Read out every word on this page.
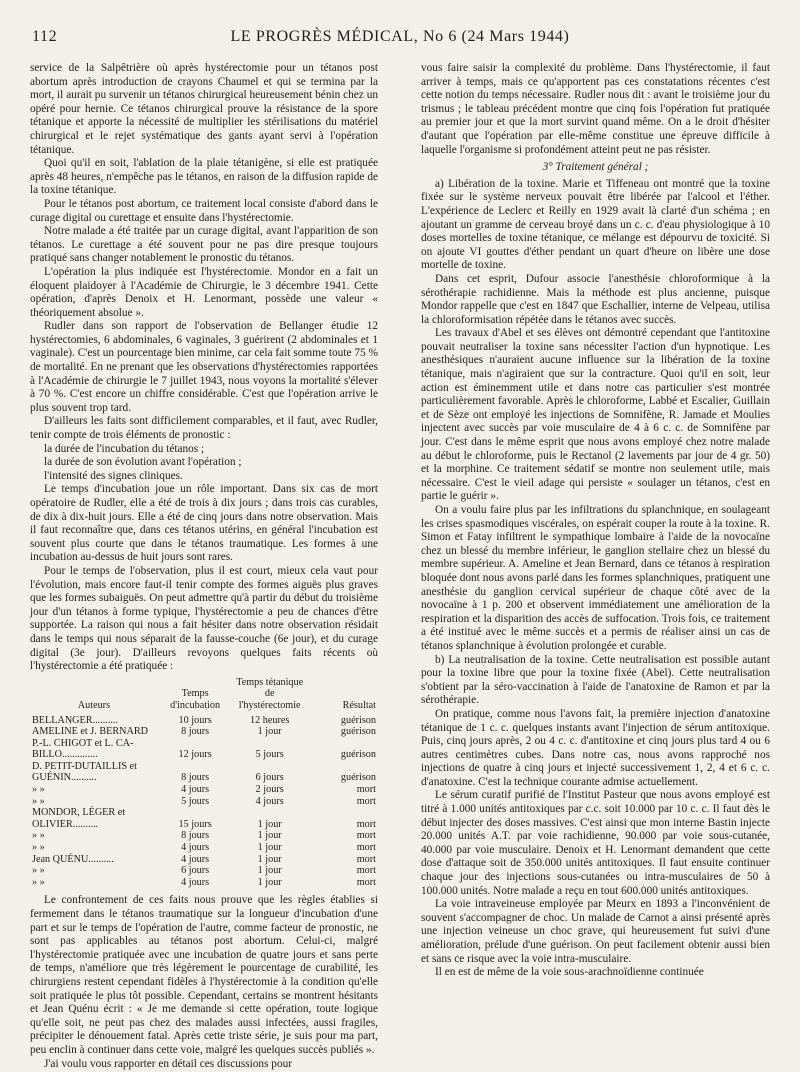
112	LE PROGRÈS MÉDICAL, No 6 (24 Mars 1944)

service de la Salpêtrière où après hystérectomie pour un tétanos post abortum après introduction de crayons Chaumel et qui se termina par la mort, il aurait pu survenir un tétanos chirurgical heureusement bénin chez un opéré pour hernie. Ce tétanos chirurgical prouve la résistance de la spore tétanique et apporte la nécessité de multiplier les stérilisations du matériel chirurgical et le rejet systématique des gants ayant servi à l'opération tétanique.

Quoi qu'il en soit, l'ablation de la plaie tétanigène, si elle est pratiquée après 48 heures, n'empêche pas le tétanos, en raison de la diffusion rapide de la toxine tétanique.

Pour le tétanos post abortum, ce traitement local consiste d'abord dans le curage digital ou curettage et ensuite dans l'hystérectomie.

Notre malade a été traitée par un curage digital, avant l'apparition de son tétanos. Le curettage a été souvent pour ne pas dire presque toujours pratiqué sans changer notablement le pronostic du tétanos.

L'opération la plus indiquée est l'hystérectomie. Mondor en a fait un éloquent plaidoyer à l'Académie de Chirurgie, le 3 décembre 1941. Cette opération, d'après Denoix et H. Lenormant, possède une valeur « théoriquement absolue ».

Rudler dans son rapport de l'observation de Bellanger étudie 12 hystérectomies, 6 abdominales, 6 vaginales, 3 guérirent (2 abdominales et 1 vaginale). C'est un pourcentage bien minime, car cela fait somme toute 75 % de mortalité. En ne prenant que les observations d'hystérectomies rapportées à l'Académie de chirurgie le 7 juillet 1943, nous voyons la mortalité s'élever à 70 %. C'est encore un chiffre considérable. C'est que l'opération arrive le plus souvent trop tard.

D'ailleurs les faits sont difficilement comparables, et il faut, avec Rudler, tenir compte de trois éléments de pronostic :

la durée de l'incubation du tétanos ;

la durée de son évolution avant l'opération ;

l'intensité des signes cliniques.

Le temps d'incubation joue un rôle important. Dans six cas de mort opératoire de Rudler, elle a été de trois à dix jours ; dans trois cas curables, de dix à dix-huit jours. Elle a été de cinq jours dans notre observation. Mais il faut reconnaître que, dans ces tétanos utérins, en général l'incubation est souvent plus courte que dans le tétanos traumatique. Les formes à une incubation au-dessus de huit jours sont rares.

Pour le temps de l'observation, plus il est court, mieux cela vaut pour l'évolution, mais encore faut-il tenir compte des formes aiguës plus graves que les formes subaiguës. On peut admettre qu'à partir du début du troisième jour d'un tétanos à forme typique, l'hystérectomie a peu de chances d'être supportée. La raison qui nous a fait hésiter dans notre observation résidait dans le temps qui nous séparait de la fausse-couche (6e jour), et du curage digital (3e jour). D'ailleurs revoyons quelques faits récents où l'hystérectomie a été pratiquée :

Auteurs	Temps d'incubation	Temps tétanique de l'hystérectomie	Résultat
BELLANGER..........	10 jours	12 heures	guérison
AMELINE et J. BERNARD	8 jours	1 jour	guérison
P.-L. CHIGOT et L. CA-			
BILLO..............	12 jours	5 jours	guérison
D. PETIT-DUTAILLIS et			
GUÉNIN..........	8 jours	6 jours	guérison
» »	4 jours	2 jours	mort
» »	5 jours	4 jours	mort
MONDOR, LÉGER et			
OLIVIER..........	15 jours	1 jour	mort
» »	8 jours	1 jour	mort
» »	4 jours	1 jour	mort
Jean QUÉNU..........	4 jours	1 jour	mort
» »	6 jours	1 jour	mort
» »	4 jours	1 jour	mort

Le confrontement de ces faits nous prouve que les règles établies si fermement dans le tétanos traumatique sur la longueur d'incubation d'une part et sur le temps de l'opération de l'autre, comme facteur de pronostic, ne sont pas applicables au tétanos post abortum. Celui-ci, malgré l'hystérectomie pratiquée avec une incubation de quatre jours et sans perte de temps, n'améliore que très légèrement le pourcentage de curabilité, les chirurgiens restent cependant fidèles à l'hystérectomie à la condition qu'elle soit pratiquée le plus tôt possible. Cependant, certains se montrent hésitants et Jean Quénu écrit : « Je me demande si cette opération, toute logique qu'elle soit, ne peut pas chez des malades aussi infectées, aussi fragiles, précipiter le dénouement fatal. Après cette triste série, je suis pour ma part, peu enclin à continuer dans cette voie, malgré les quelques succès publiés ».

J'ai voulu vous rapporter en détail ces discussions pour

vous faire saisir la complexité du problème. Dans l'hystérectomie, il faut arriver à temps, mais ce qu'apportent pas ces constatations récentes c'est cette notion du temps nécessaire. Rudler nous dit : avant le troisième jour du trismus ; le tableau précédent montre que cinq fois l'opération fut pratiquée au premier jour et que la mort survint quand même. On a le droit d'hésiter d'autant que l'opération par elle-même constitue une épreuve difficile à laquelle l'organisme si profondément atteint peut ne pas résister.

3° Traitement général ;

a) Libération de la toxine. Marie et Tiffeneau ont montré que la toxine fixée sur le système nerveux pouvait être libérée par l'alcool et l'éther. L'expérience de Leclerc et Reilly en 1929 avait là clarté d'un schéma ; en ajoutant un gramme de cerveau broyé dans un c. c. d'eau physiologique à 10 doses mortelles de toxine tétanique, ce mélange est dépourvu de toxicité. Si on ajoute VI gouttes d'éther pendant un quart d'heure on libère une dose mortelle de toxine.

Dans cet esprit, Dufour associe l'anesthésie chloroformique à la sérothérapie rachidienne. Mais la méthode est plus ancienne, puisque Mondor rappelle que c'est en 1847 que Eschallier, interne de Velpeau, utilisa la chloroformisation répétée dans le tétanos avec succès.

Les travaux d'Abel et ses élèves ont démontré cependant que l'antitoxine pouvait neutraliser la toxine sans nécessiter l'action d'un hypnotique. Les anesthésiques n'auraient aucune influence sur la libération de la toxine tétanique, mais n'agiraient que sur la contracture. Quoi qu'il en soit, leur action est éminemment utile et dans notre cas particulier s'est montrée particulièrement favorable. Après le chloroforme, Labbé et Escalier, Guillain et de Sèze ont employé les injections de Somnifène, R. Jamade et Moulies injectent avec succès par voie musculaire de 4 à 6 c. c. de Somnifène par jour. C'est dans le même esprit que nous avons employé chez notre malade au début le chloroforme, puis le Rectanol (2 lavements par jour de 4 gr. 50) et la morphine. Ce traitement sédatif se montre non seulement utile, mais nécessaire. C'est le vieil adage qui persiste « soulager un tétanos, c'est en partie le guérir ».

On a voulu faire plus par les infiltrations du splanchnique, en soulageant les crises spasmodiques viscérales, on espérait couper la route à la toxine. R. Simon et Fatay infiltrent le sympathique lombaire à l'aide de la novocaïne chez un blessé du membre inférieur, le ganglion stellaire chez un blessé du membre supérieur. A. Ameline et Jean Bernard, dans ce tétanos à respiration bloquée dont nous avons parlé dans les formes splanchniques, pratiquent une anesthésie du ganglion cervical supérieur de chaque côté avec de la novocaïne à 1 p. 200 et observent immédiatement une amélioration de la respiration et la disparition des accès de suffocation. Trois fois, ce traitement a été institué avec le même succès et a permis de réaliser ainsi un cas de tétanos splanchnique à évolution prolongée et curable.

b) La neutralisation de la toxine. Cette neutralisation est possible autant pour la toxine libre que pour la toxine fixée (Abel). Cette neutralisation s'obtient par la séro-vaccination à l'aide de l'anatoxine de Ramon et par la sérothérapie.

On pratique, comme nous l'avons fait, la première injection d'anatoxine tétanique de 1 c. c. quelques instants avant l'injection de sérum antitoxique. Puis, cinq jours après, 2 ou 4 c. c. d'antitoxine et cinq jours plus tard 4 ou 6 autres centimètres cubes. Dans notre cas, nous avons rapproché nos injections de quatre à cinq jours et injecté successivement 1, 2, 4 et 6 c. c. d'anatoxine. C'est la technique courante admise actuellement.

Le sérum curatif purifié de l'Institut Pasteur que nous avons employé est titré à 1.000 unités antitoxiques par c.c. soit 10.000 par 10 c. c. Il faut dès le début injecter des doses massives. C'est ainsi que mon interne Bastin injecte 20.000 unités A.T. par voie rachidienne, 90.000 par voie sous-cutanée, 40.000 par voie musculaire. Denoix et H. Lenormant demandent que cette dose d'attaque soit de 350.000 unités antitoxiques. Il faut ensuite continuer chaque jour des injections sous-cutanées ou intra-musculaires de 50 à 100.000 unités. Notre malade a reçu en tout 600.000 unités antitoxiques.

La voie intraveineuse employée par Meurx en 1893 a l'inconvénient de souvent s'accompagner de choc. Un malade de Carnot a ainsi présenté après une injection veineuse un choc grave, qui heureusement fut suivi d'une amélioration, prélude d'une guérison. On peut facilement obtenir aussi bien et sans ce risque avec la voie intra-musculaire.

Il en est de même de la voie sous-arachnoïdienne continuée
